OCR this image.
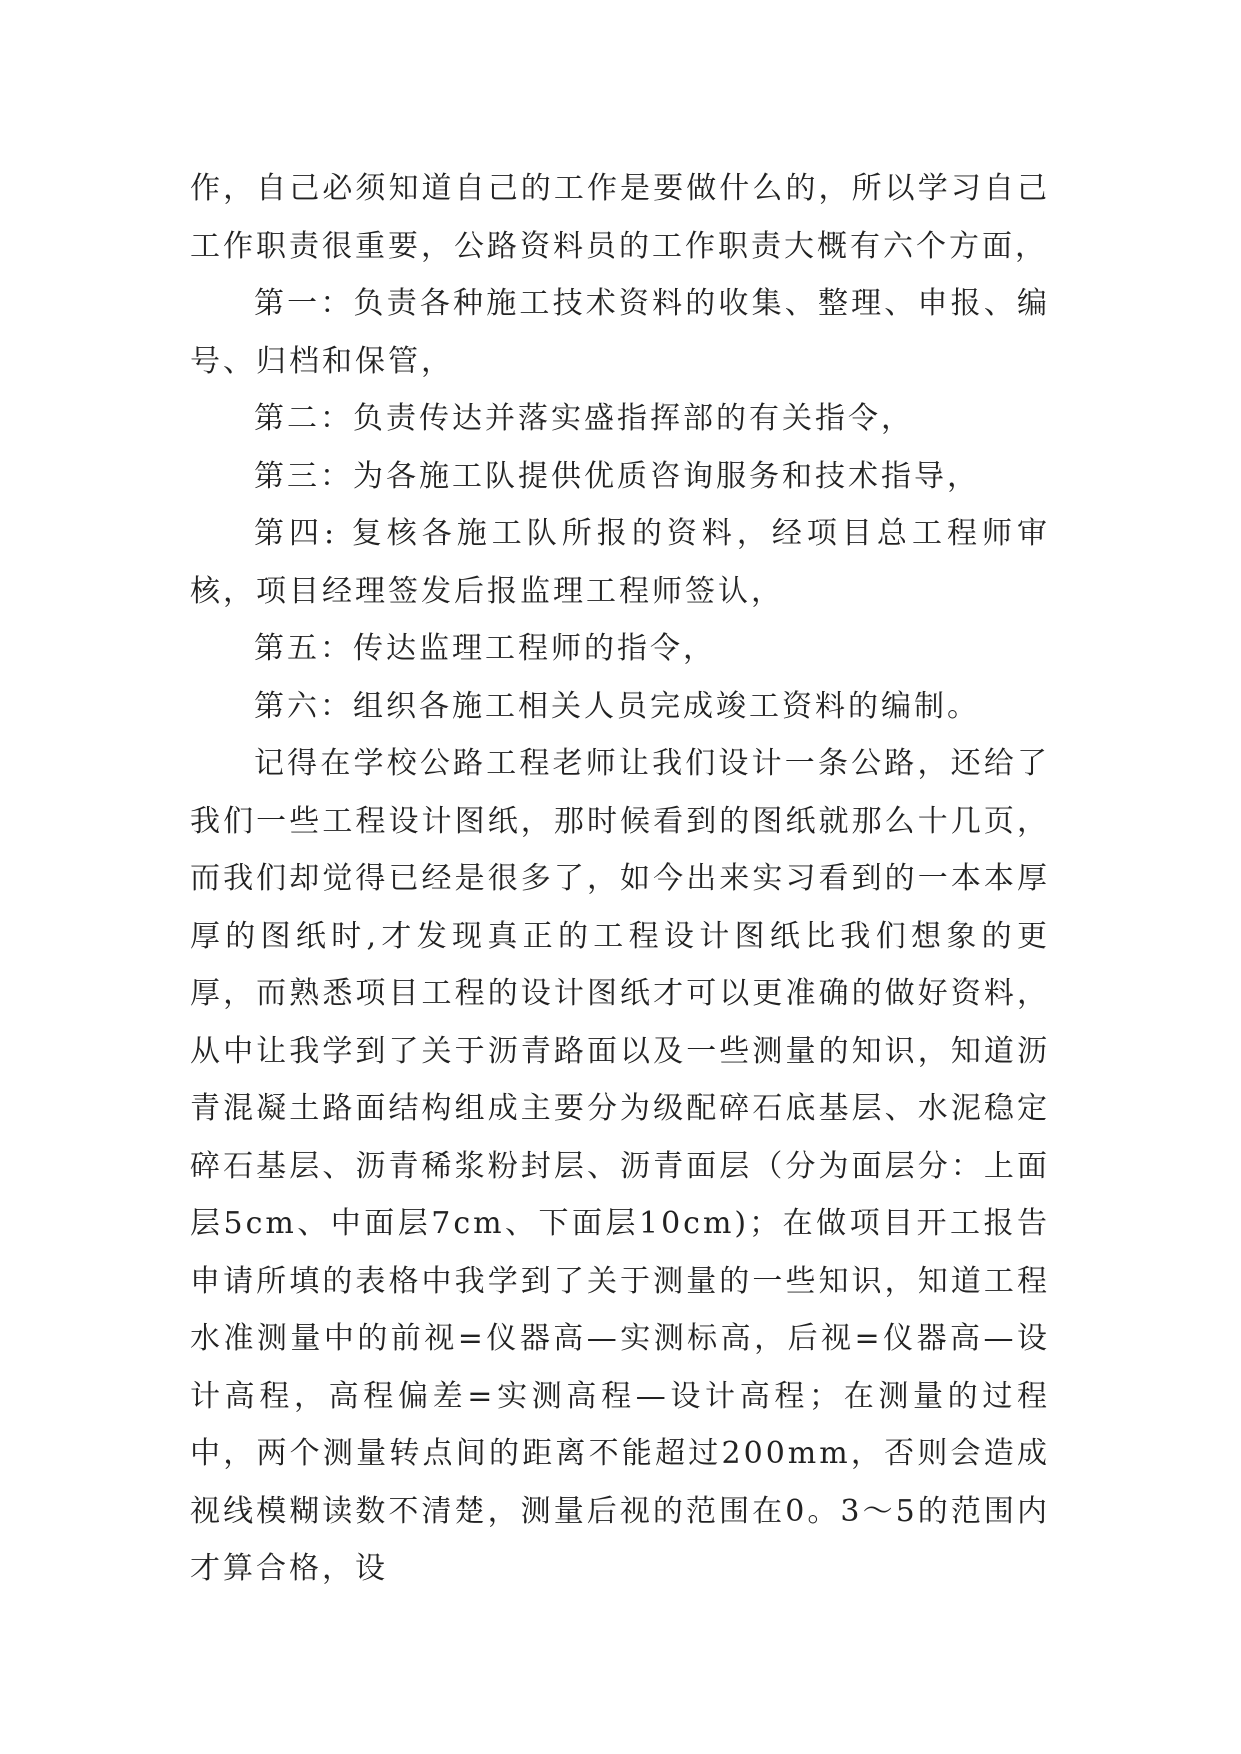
作，自己必须知道自己的工作是要做什么的，所以学习自己工作职责很重要，公路资料员的工作职责大概有六个方面，

第一：负责各种施工技术资料的收集、整理、申报、编号、归档和保管，

第二：负责传达并落实盛指挥部的有关指令，

第三：为各施工队提供优质咨询服务和技术指导，

第四: 复核各施工队所报的资料，经项目总工程师审核，项目经理签发后报监理工程师签认，

第五：传达监理工程师的指令，

第六：组织各施工相关人员完成竣工资料的编制。

记得在学校公路工程老师让我们设计一条公路，还给了我们一些工程设计图纸，那时候看到的图纸就那么十几页，而我们却觉得已经是很多了，如今出来实习看到的一本本厚厚的图纸时,才发现真正的工程设计图纸比我们想象的更厚，而熟悉项目工程的设计图纸才可以更准确的做好资料，从中让我学到了关于沥青路面以及一些测量的知识，知道沥青混凝土路面结构组成主要分为级配碎石底基层、水泥稳定碎石基层、沥青稀浆粉封层、沥青面层（分为面层分：上面层5cm、中面层7cm、下面层10cm)；在做项目开工报告申请所填的表格中我学到了关于测量的一些知识，知道工程水准测量中的前视=仪器高—实测标高，后视=仪器高—设计高程，高程偏差=实测高程—设计高程；在测量的过程中，两个测量转点间的距离不能超过200mm，否则会造成视线模糊读数不清楚，测量后视的范围在0。3～5的范围内才算合格，设
